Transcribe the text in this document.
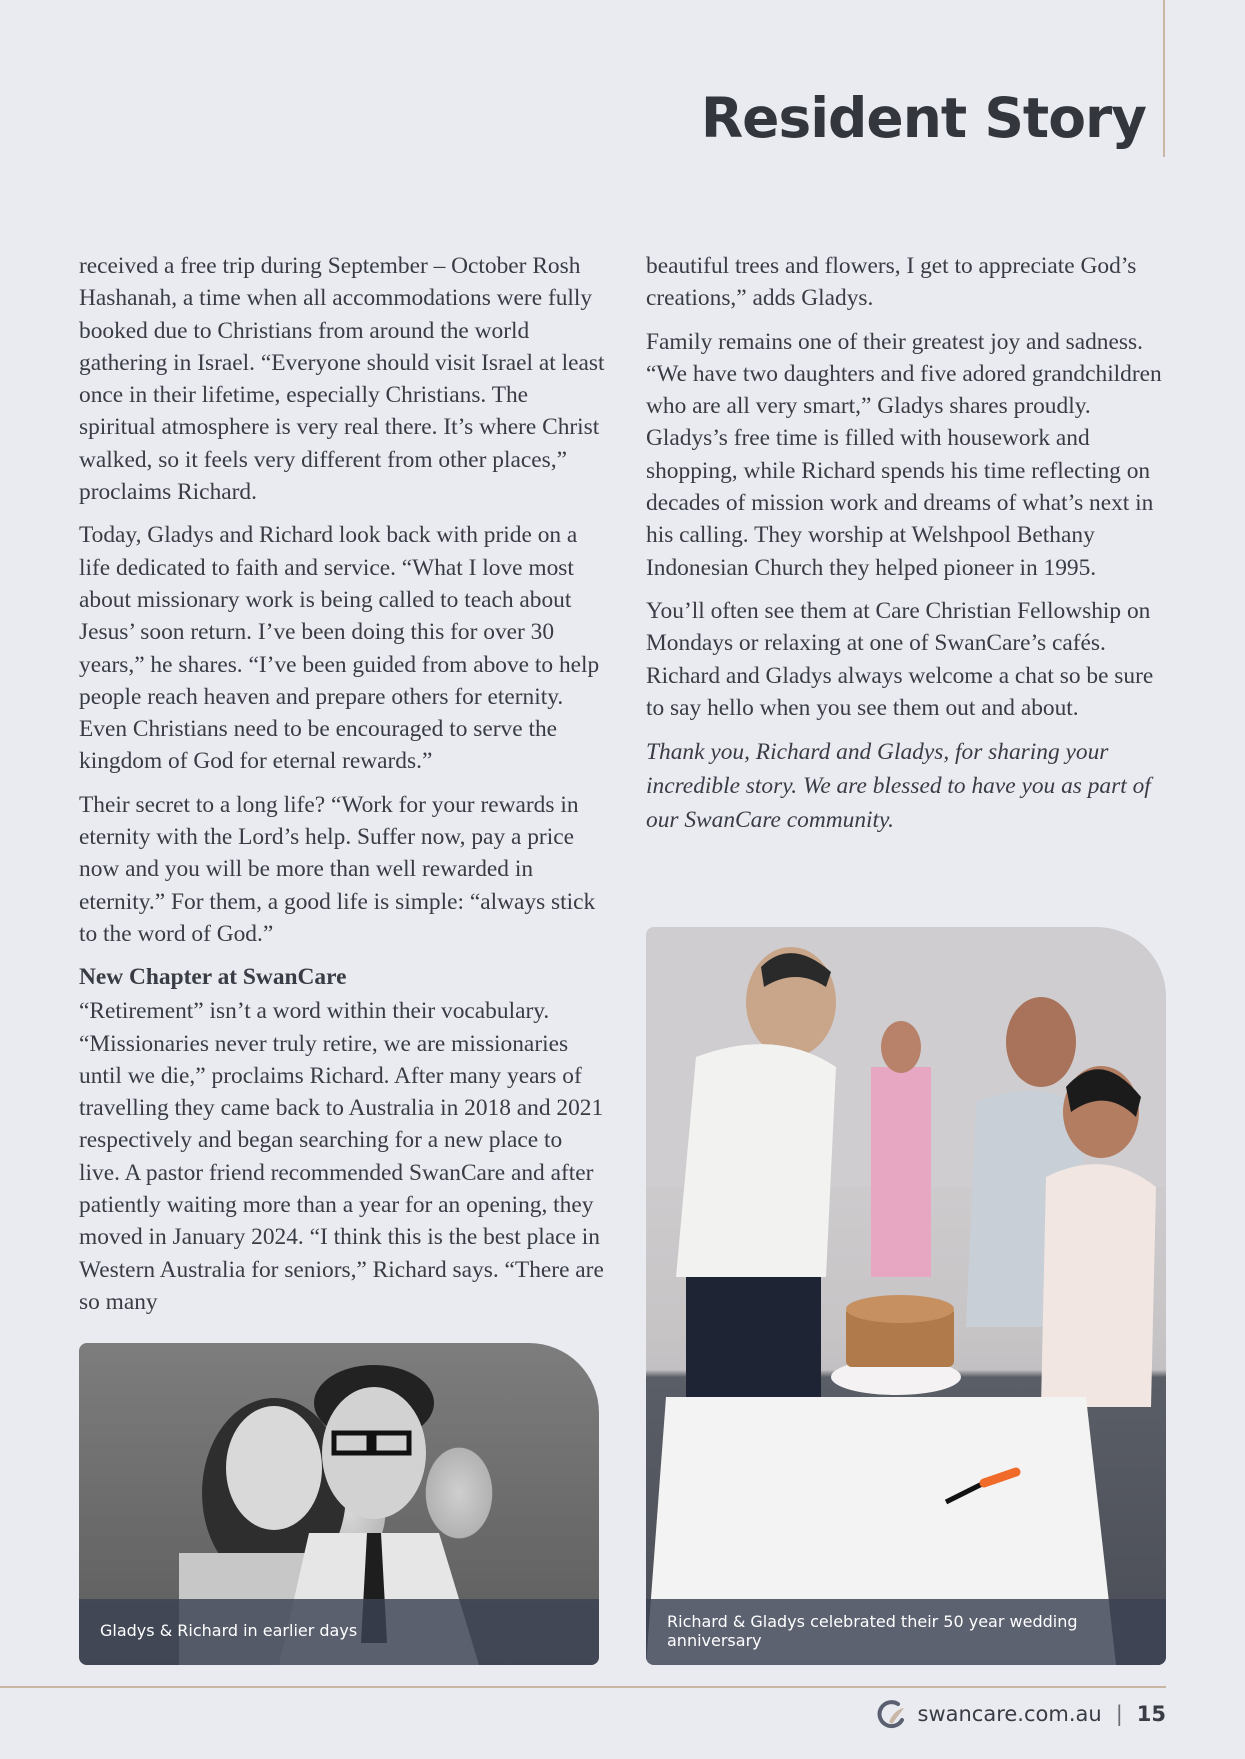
Resident Story

received a free trip during September – October Rosh Hashanah, a time when all accommodations were fully booked due to Christians from around the world gathering in Israel. “Everyone should visit Israel at least once in their lifetime, especially Christians. The spiritual atmosphere is very real there. It’s where Christ walked, so it feels very different from other places,” proclaims Richard.

Today, Gladys and Richard look back with pride on a life dedicated to faith and service. “What I love most about missionary work is being called to teach about Jesus’ soon return. I’ve been doing this for over 30 years,” he shares. “I’ve been guided from above to help people reach heaven and prepare others for eternity. Even Christians need to be encouraged to serve the kingdom of God for eternal rewards.”

Their secret to a long life? “Work for your rewards in eternity with the Lord’s help. Suffer now, pay a price now and you will be more than well rewarded in eternity.” For them, a good life is simple: “always stick to the word of God.”

New Chapter at SwanCare

“Retirement” isn’t a word within their vocabulary. “Missionaries never truly retire, we are missionaries until we die,” proclaims Richard. After many years of travelling they came back to Australia in 2018 and 2021 respectively and began searching for a new place to live. A pastor friend recommended SwanCare and after patiently waiting more than a year for an opening, they moved in January 2024. “I think this is the best place in Western Australia for seniors,” Richard says. “There are so many

beautiful trees and flowers, I get to appreciate God’s creations,” adds Gladys.

Family remains one of their greatest joy and sadness. “We have two daughters and five adored grandchildren who are all very smart,” Gladys shares proudly. Gladys’s free time is filled with housework and shopping, while Richard spends his time reflecting on decades of mission work and dreams of what’s next in his calling. They worship at Welshpool Bethany Indonesian Church they helped pioneer in 1995.

You’ll often see them at Care Christian Fellowship on Mondays or relaxing at one of SwanCare’s cafés. Richard and Gladys always welcome a chat so be sure to say hello when you see them out and about.

Thank you, Richard and Gladys, for sharing your incredible story. We are blessed to have you as part of our SwanCare community.

Gladys & Richard in earlier days	Richard & Gladys celebrated their 50 year wedding anniversary
swancare.com.au | 15
